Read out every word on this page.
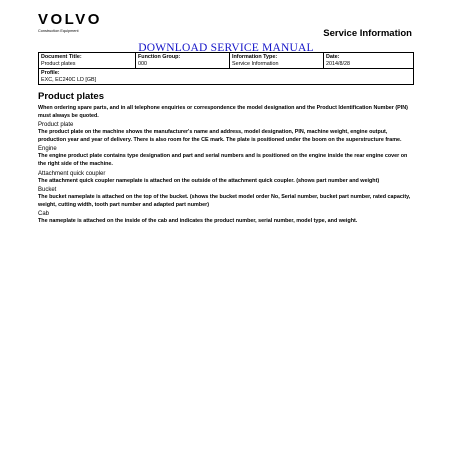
VOLVO
Construction Equipment	Service Information
DOWNLOAD SERVICE MANUAL
Document Title:
Product plates
Function Group:
000
Information Type:
Service Information
Date:
2014/8/28
Profile:
EXC, EC240C LD [GB]
Product plates

When ordering spare parts, and in all telephone enquiries or correspondence the model designation and the Product Identification Number (PIN) must always be quoted.

Product plate

The product plate on the machine shows the manufacturer's name and address, model designation, PIN, machine weight, engine output, production year and year of delivery. There is also room for the CE mark. The plate is positioned under the boom on the superstructure frame.

Engine

The engine product plate contains type designation and part and serial numbers and is positioned on the engine inside the rear engine cover on the right side of the machine.

Attachment quick coupler

The attachment quick coupler nameplate is attached on the outside of the attachment quick coupler. (shows part number and weight)

Bucket

The bucket nameplate is attached on the top of the bucket. (shows the bucket model order No, Serial number, bucket part number, rated capacity, weight, cutting width, tooth part number and adapted part number)

Cab

The nameplate is attached on the inside of the cab and indicates the product number, serial number, model type, and weight.
